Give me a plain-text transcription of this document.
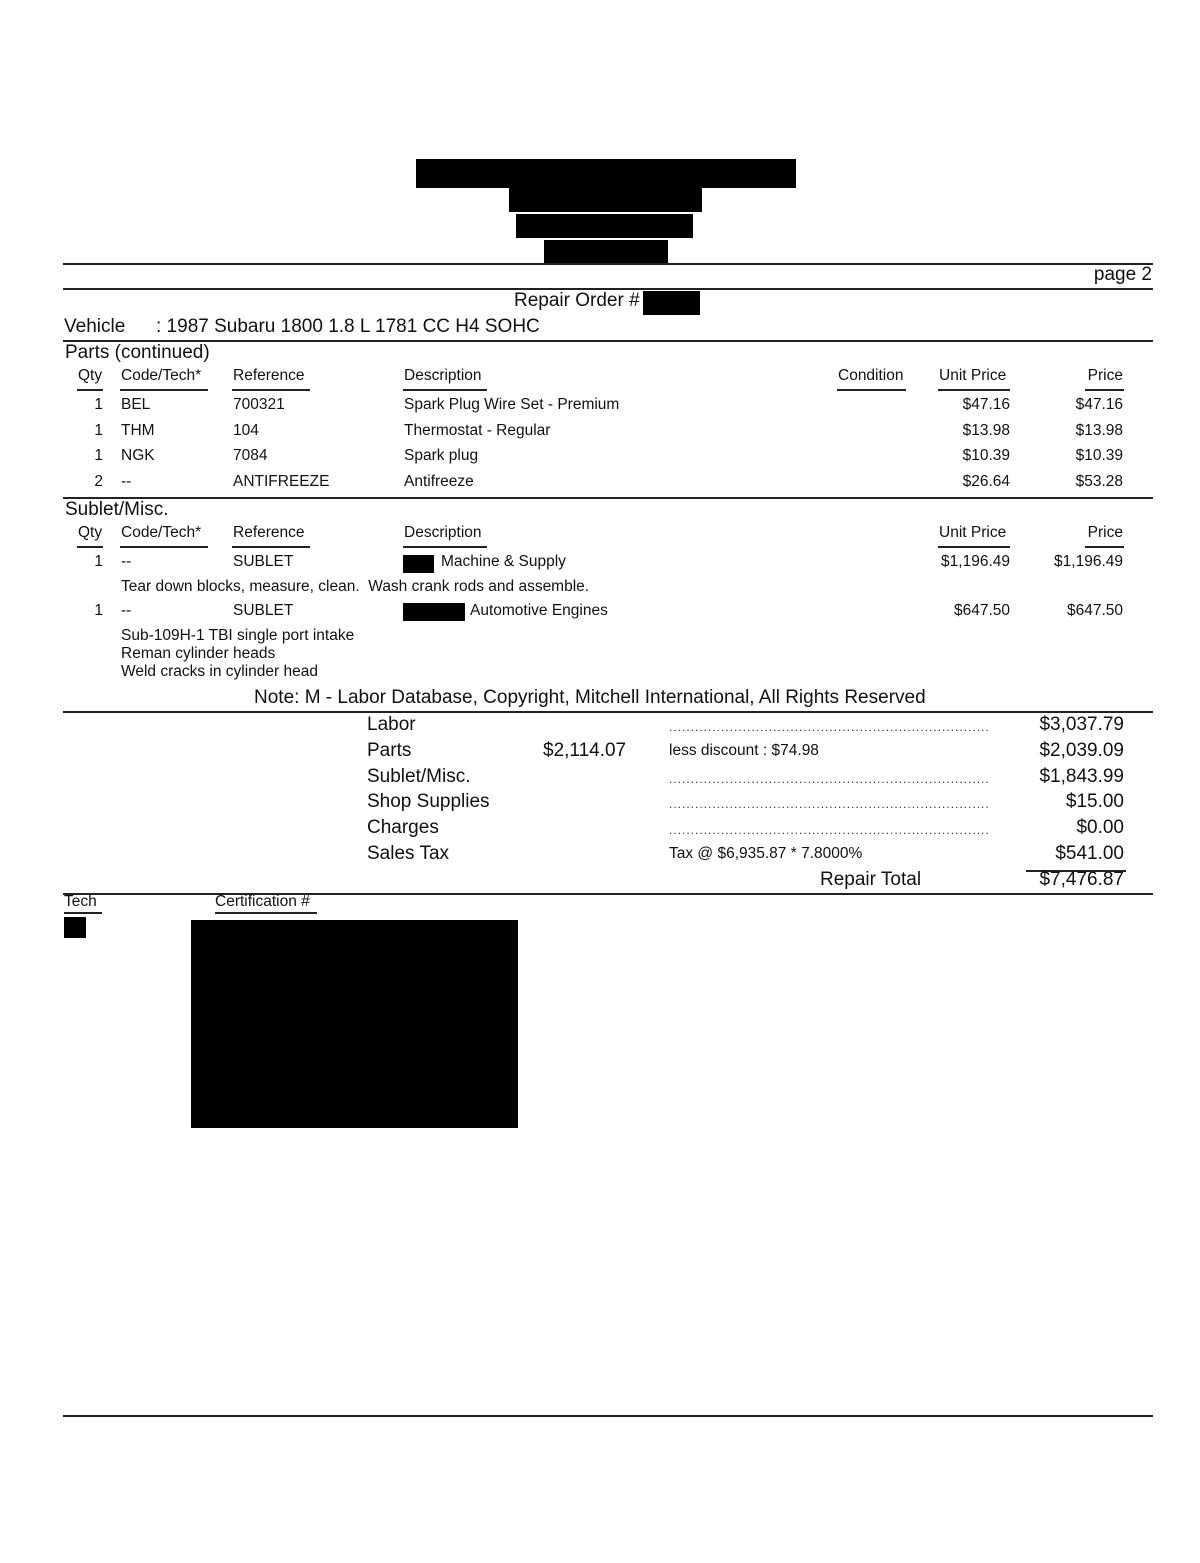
page 2
Repair Order #
Vehicle : 1987 Subaru 1800 1.8 L 1781 CC H4 SOHC
Parts (continued)
Qty Code/Tech* Reference	Description	Condition Unit Price	Price
1 BEL	700321	Spark Plug Wire Set - Premium	$47.16	$47.16
1 THM	104	Thermostat - Regular	$13.98	$13.98
1 NGK	7084	Spark plug	$10.39	$10.39
2 --	ANTIFREEZE	Antifreeze	$26.64	$53.28
Sublet/Misc.
Qty Code/Tech* Reference	Description	Unit Price	Price
1 --	SUBLET	Machine & Supply	$1,196.49	$1,196.49
Tear down blocks, measure, clean.  Wash crank rods and assemble.
1 --	SUBLET	Automotive Engines	$647.50	$647.50
Sub-109H-1 TBI single port intake
Reman cylinder heads
Weld cracks in cylinder head
Note: M - Labor Database, Copyright, Mitchell International, All Rights Reserved
Labor	..........................................................................	$3,037.79
Parts	$2,114.07	less discount : $74.98	$2,039.09
Sublet/Misc.	..........................................................................	$1,843.99
Shop Supplies	..........................................................................	$15.00
Charges	..........................................................................	$0.00
Sales Tax	Tax @ $6,935.87 * 7.8000%	$541.00
Repair Total	$7,476.87
Tech	Certification #
